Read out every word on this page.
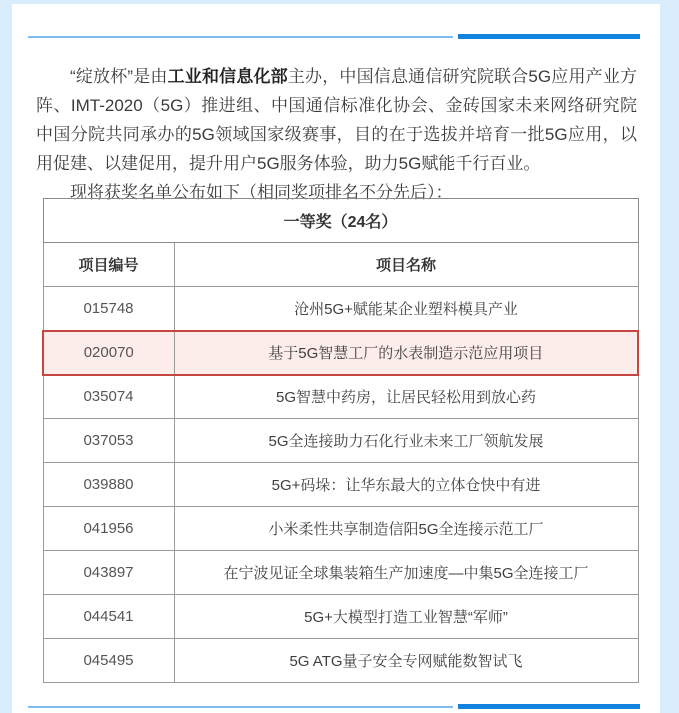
“绽放杯”是由工业和信息化部主办，中国信息通信研究院联合5G应用产业方阵、IMT-2020（5G）推进组、中国通信标准化协会、金砖国家未来网络研究院中国分院共同承办的5G领域国家级赛事，目的在于选拔并培育一批5G应用，以用促建、以建促用，提升用户5G服务体验，助力5G赋能千行百业。

现将获奖名单公布如下（相同奖项排名不分先后）：

一等奖（24名）	
项目编号	项目名称
015748	沧州5G+赋能某企业塑料模具产业
020070	基于5G智慧工厂的水表制造示范应用项目
035074	5G智慧中药房，让居民轻松用到放心药
037053	5G全连接助力石化行业未来工厂领航发展
039880	5G+码垛：让华东最大的立体仓快中有进
041956	小米柔性共享制造信阳5G全连接示范工厂
043897	在宁波见证全球集装箱生产加速度—中集5G全连接工厂
044541	5G+大模型打造工业智慧“军师”
045495	5G ATG量子安全专网赋能数智试飞
